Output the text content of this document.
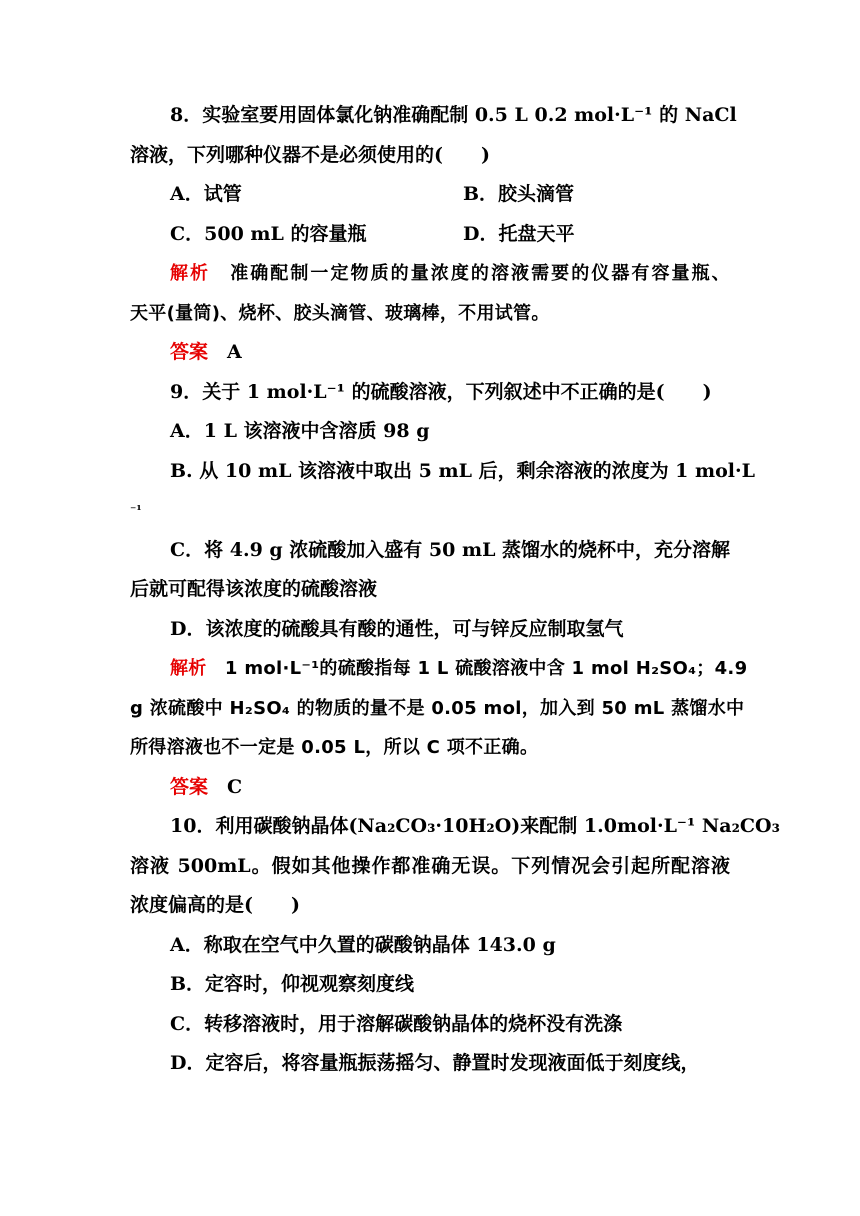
8．实验室要用固体氯化钠准确配制 0.5 L 0.2 mol·L⁻¹ 的 NaCl
溶液，下列哪种仪器不是必须使用的(　　)
A．试管	B．胶头滴管
C．500 mL 的容量瓶	D．托盘天平
解析　 准确配制一定物质的量浓度的溶液需要的仪器有容量瓶、
天平(量筒)、烧杯、胶头滴管、玻璃棒，不用试管。
答案　 A
9．关于 1 mol·L⁻¹ 的硫酸溶液，下列叙述中不正确的是(　　)
A．1 L 该溶液中含溶质 98 g
B. 从 10 mL 该溶液中取出 5 mL 后，剩余溶液的浓度为 1 mol·L
⁻¹
C．将 4.9 g 浓硫酸加入盛有 50 mL 蒸馏水的烧杯中，充分溶解
后就可配得该浓度的硫酸溶液
D．该浓度的硫酸具有酸的通性，可与锌反应制取氢气
解析　 1 mol·L⁻¹的硫酸指每 1 L 硫酸溶液中含 1 mol H₂SO₄；4.9
g 浓硫酸中 H₂SO₄ 的物质的量不是 0.05 mol，加入到 50 mL 蒸馏水中
所得溶液也不一定是 0.05 L，所以 C 项不正确。
答案　 C
10．利用碳酸钠晶体(Na₂CO₃·10H₂O)来配制 1.0mol·L⁻¹ Na₂CO₃
溶液 500mL。假如其他操作都准确无误。下列情况会引起所配溶液
浓度偏高的是(　　)
A．称取在空气中久置的碳酸钠晶体 143.0 g
B．定容时，仰视观察刻度线
C．转移溶液时，用于溶解碳酸钠晶体的烧杯没有洗涤
D．定容后，将容量瓶振荡摇匀、静置时发现液面低于刻度线，
